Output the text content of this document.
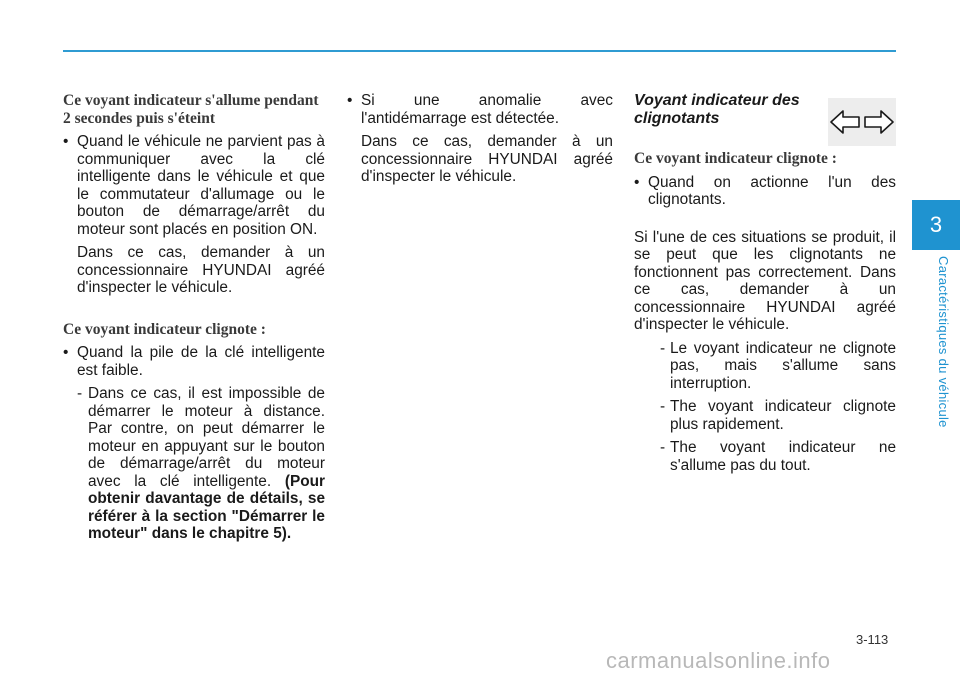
3
Caractéristiques du véhicule

Ce voyant indicateur s'allume pendant 2 secondes puis s'éteint

• Quand le véhicule ne parvient pas à communiquer avec la clé intelligente dans le véhicule et que le commutateur d'allumage ou le bouton de démarrage/arrêt du moteur sont placés en position ON.

Dans ce cas, demander à un concessionnaire HYUNDAI agréé d'inspecter le véhicule.

Ce voyant indicateur clignote :

• Quand la pile de la clé intelligente est faible.

- Dans ce cas, il est impossible de démarrer le moteur à distance. Par contre, on peut démarrer le moteur en appuyant sur le bouton de démarrage/arrêt du moteur avec la clé intelligente. (Pour obtenir davantage de détails, se référer à la section "Démarrer le moteur" dans le chapitre 5).

• Si une anomalie avec l'antidémarrage est détectée.

Dans ce cas, demander à un concessionnaire HYUNDAI agréé d'inspecter le véhicule.

Voyant indicateur des clignotants

Ce voyant indicateur clignote :

• Quand on actionne l'un des clignotants.

Si l'une de ces situations se produit, il se peut que les clignotants ne fonctionnent pas correctement. Dans ce cas, demander à un concessionnaire HYUNDAI agréé d'inspecter le véhicule.

- Le voyant indicateur ne clignote pas, mais s'allume sans interruption.

- The voyant indicateur clignote plus rapidement.

- The voyant indicateur ne s'allume pas du tout.

3-113
carmanualsonline.info
